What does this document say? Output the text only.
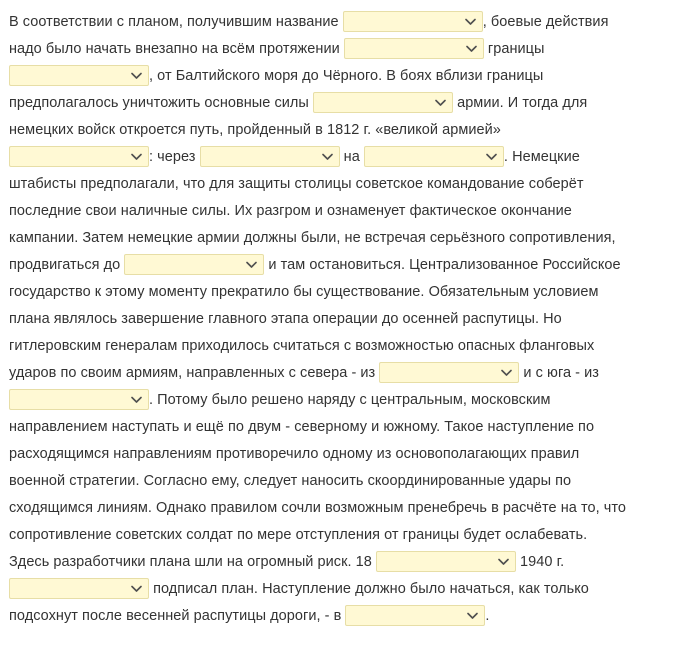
В соответствии с планом, получившим название	, боевые действия
надо было начать внезапно на всём протяжении	границы
, от Балтийского моря до Чёрного. В боях вблизи границы
предполагалось уничтожить основные силы	армии. И тогда для
немецких войск откроется путь, пройденный в 1812 г. «великой армией»
: через	на	. Немецкие
штабисты предполагали, что для защиты столицы советское командование соберёт
последние свои наличные силы. Их разгром и ознаменует фактическое окончание
кампании. Затем немецкие армии должны были, не встречая серьёзного сопротивления,
продвигаться до	и там остановиться. Централизованное Российское
государство к этому моменту прекратило бы существование. Обязательным условием
плана являлось завершение главного этапа операции до осенней распутицы. Но
гитлеровским генералам приходилось считаться с возможностью опасных фланговых
ударов по своим армиям, направленных с севера - из	и с юга - из
. Потому было решено наряду с центральным, московским
направлением наступать и ещё по двум - северному и южному. Такое наступление по
расходящимся направлениям противоречило одному из основополагающих правил
военной стратегии. Согласно ему, следует наносить скоординированные удары по
сходящимся линиям. Однако правилом сочли возможным пренебречь в расчёте на то, что
сопротивление советских солдат по мере отступления от границы будет ослабевать.
Здесь разработчики плана шли на огромный риск. 18	1940 г.
подписал план. Наступление должно было начаться, как только
подсохнут после весенней распутицы дороги, - в	.
